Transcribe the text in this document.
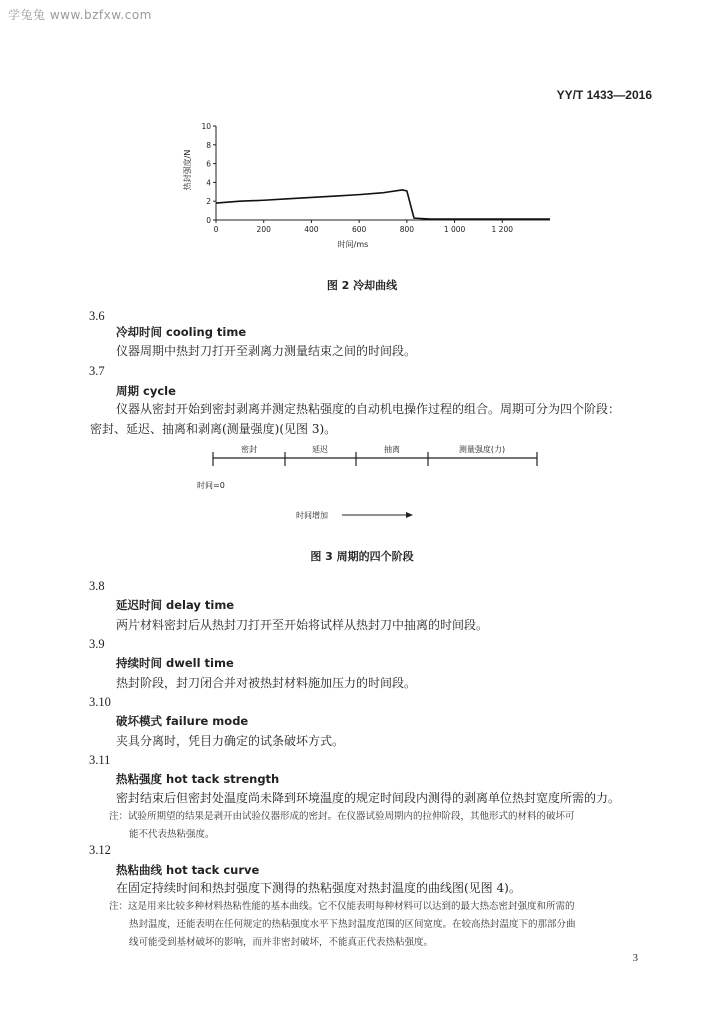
学兔兔 www.bzfxw.com
YY/T 1433—2016
0
2
4
6
8
10
0	200	400	600	800	1 000	1 200
热封强度/N
时间/ms
图 2 冷却曲线
3.6
冷却时间 cooling time
仪器周期中热封刀打开至剥离力测量结束之间的时间段。
3.7
周期 cycle
仪器从密封开始到密封剥离并测定热粘强度的自动机电操作过程的组合。周期可分为四个阶段：
密封、延迟、抽离和剥离(测量强度)(见图 3)。
密封	延迟	抽离	测量强度(力)
时间=0
时间增加
图 3 周期的四个阶段
3.8
延迟时间 delay time
两片材料密封后从热封刀打开至开始将试样从热封刀中抽离的时间段。
3.9
持续时间 dwell time
热封阶段，封刀闭合并对被热封材料施加压力的时间段。
3.10
破坏模式 failure mode
夹具分离时，凭目力确定的试条破坏方式。
3.11
热粘强度 hot tack strength
密封结束后但密封处温度尚未降到环境温度的规定时间段内测得的剥离单位热封宽度所需的力。
注：试验所期望的结果是剥开由试验仪器形成的密封。在仪器试验周期内的拉伸阶段，其他形式的材料的破坏可
能不代表热粘强度。
3.12
热粘曲线 hot tack curve
在固定持续时间和热封强度下测得的热粘强度对热封温度的曲线图(见图 4)。
注：这是用来比较多种材料热粘性能的基本曲线。它不仅能表明每种材料可以达到的最大热态密封强度和所需的
热封温度，还能表明在任何规定的热粘强度水平下热封温度范围的区间宽度。在较高热封温度下的那部分曲
线可能受到基材破坏的影响，而并非密封破坏，不能真正代表热粘强度。
3
